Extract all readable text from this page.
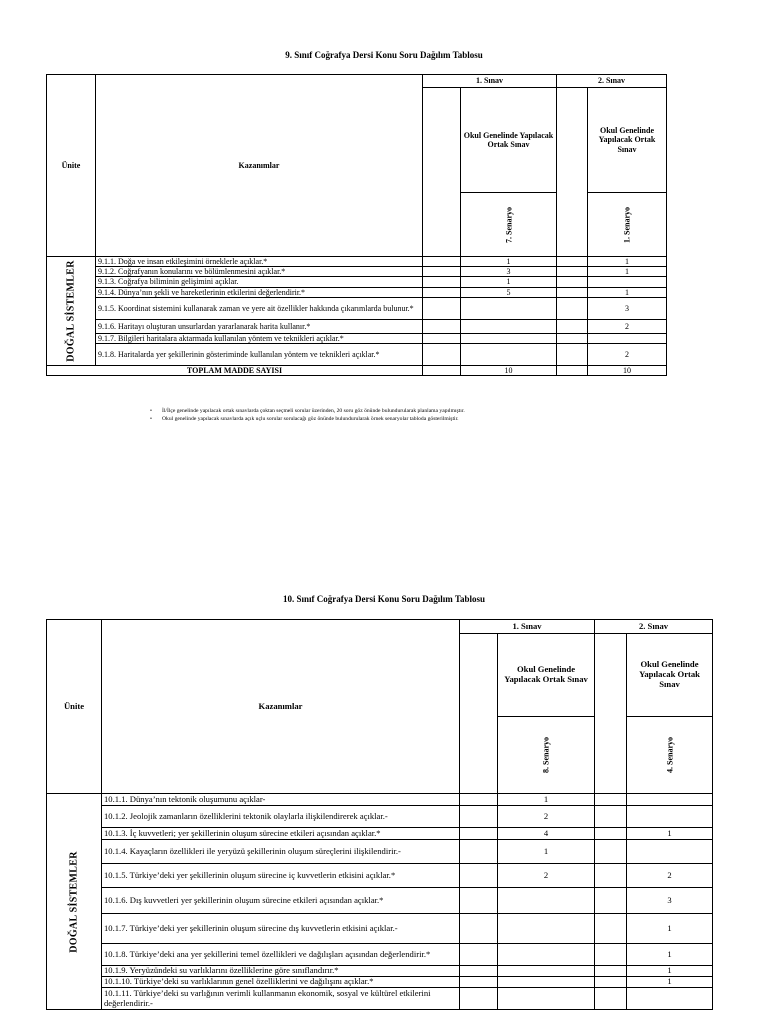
9. Sınıf Coğrafya Dersi Konu Soru Dağılım Tablosu
Ünite	Kazanımlar	1. Sınav		2. Sınav	
			Okul Genelinde Yapılacak Ortak Sınav		Okul Genelinde Yapılacak Ortak Sınav

			7. Senaryo		1. Senaryo

DOĞAL SİSTEMLER	9.1.1. Doğa ve insan etkileşimini örneklerle açıklar.*		1		1
	9.1.2. Coğrafyanın konularını ve bölümlenmesini açıklar.*		3		1
	9.1.3. Coğrafya biliminin gelişimini açıklar.		1		
	9.1.4. Dünya’nın şekli ve hareketlerinin etkilerini değerlendirir.*		5		1
	9.1.5. Koordinat sistemini kullanarak zaman ve yere ait özellikler hakkında çıkarımlarda bulunur.*				3
	9.1.6. Haritayı oluşturan unsurlardan yararlanarak harita kullanır.*				2
	9.1.7. Bilgileri haritalara aktarmada kullanılan yöntem ve teknikleri açıklar.*				
	9.1.8. Haritalarda yer şekillerinin gösteriminde kullanılan yöntem ve teknikleri açıklar.*				2
TOPLAM MADDE SAYISI			10		10
• İl/İlçe genelinde yapılacak ortak sınavlarda çoktan seçmeli sorular üzerinden, 20 soru göz önünde bulundurularak planlama yapılmıştır.
• Okul genelinde yapılacak sınavlarda açık uçlu sorular sorulacağı göz önünde bulundurularak örnek senaryolar tabloda gösterilmiştir.
10. Sınıf Coğrafya Dersi Konu Soru Dağılım Tablosu
Ünite	Kazanımlar	1. Sınav		2. Sınav	
			Okul Genelinde Yapılacak Ortak Sınav		Okul Genelinde Yapılacak Ortak Sınav

			8. Senaryo		4. Senaryo

DOĞAL SİSTEMLER	10.1.1. Dünya’nın tektonik oluşumunu açıklar-		1		
	10.1.2. Jeolojik zamanların özelliklerini tektonik olaylarla ilişkilendirerek açıklar.-		2		
	10.1.3. İç kuvvetleri; yer şekillerinin oluşum sürecine etkileri açısından açıklar.*		4		1
	10.1.4. Kayaçların özellikleri ile yeryüzü şekillerinin oluşum süreçlerini ilişkilendirir.-		1		
	10.1.5. Türkiye’deki yer şekillerinin oluşum sürecine iç kuvvetlerin etkisini açıklar.*		2		2
	10.1.6. Dış kuvvetleri yer şekillerinin oluşum sürecine etkileri açısından açıklar.*				3
	10.1.7. Türkiye’deki yer şekillerinin oluşum sürecine dış kuvvetlerin etkisini açıklar.-				1
	10.1.8. Türkiye’deki ana yer şekillerini temel özellikleri ve dağılışları açısından değerlendirir.*				1
	10.1.9. Yeryüzündeki su varlıklarını özelliklerine göre sınıflandırır.*				1
	10.1.10. Türkiye’deki su varlıklarının genel özelliklerini ve dağılışını açıklar.*				1
	10.1.11. Türkiye’deki su varlığının verimli kullanmanın ekonomik, sosyal ve kültürel etkilerini değerlendirir.-				
